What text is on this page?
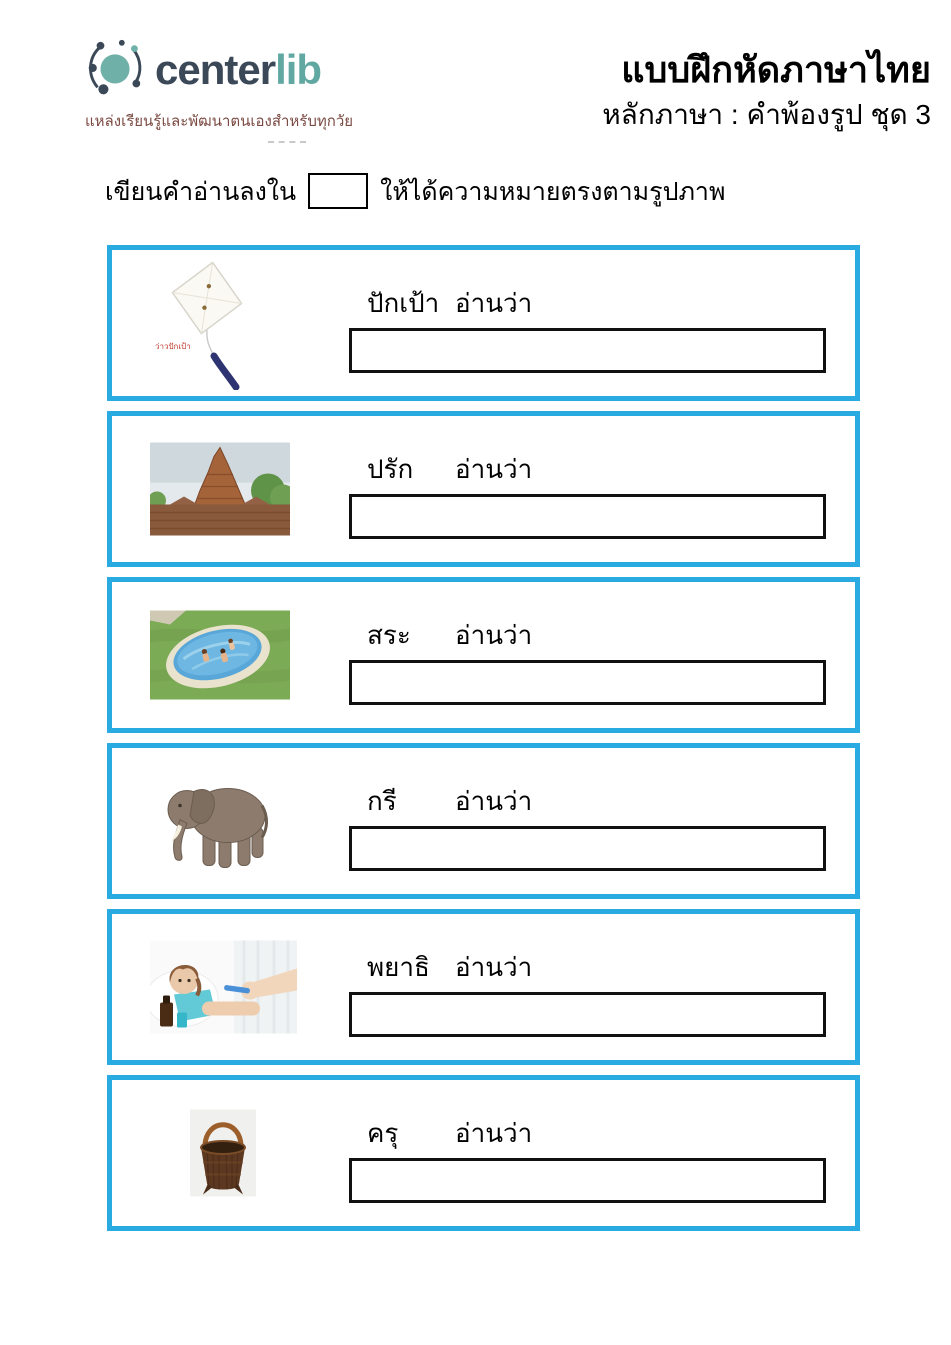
centerlib
แหล่งเรียนรู้และพัฒนาตนเองสำหรับทุกวัย
แบบฝึกหัดภาษาไทย
หลักภาษา : คำพ้องรูป ชุด 3
เขียนคำอ่านลงใน	ให้ได้ความหมายตรงตามรูปภาพ
ว่าวปักเป้า
ปักเป้า อ่านว่า
ปรัก อ่านว่า
สระ อ่านว่า
กรี อ่านว่า
พยาธิ อ่านว่า
ครุ อ่านว่า
